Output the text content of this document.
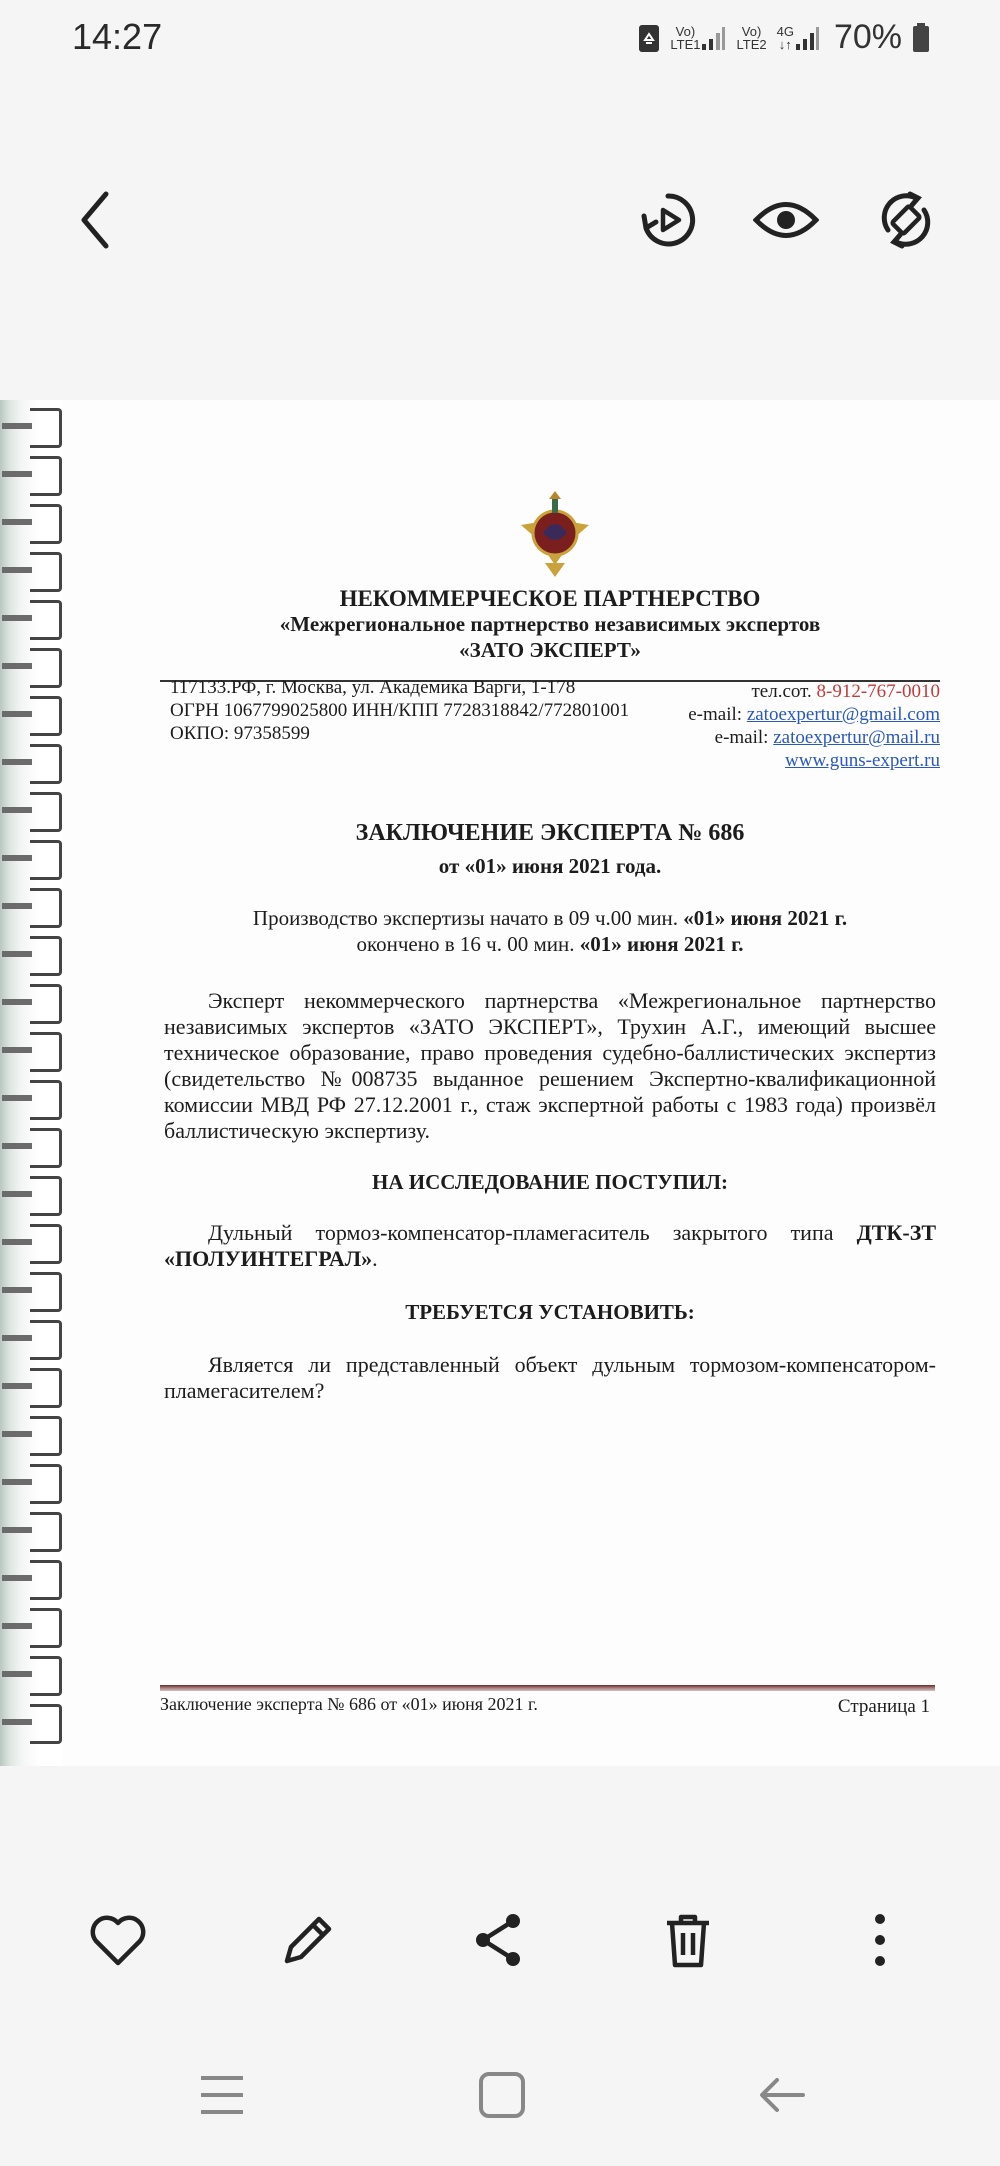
14:27	Vo)
LTE1
Vo)
LTE2
4G
↓↑ 70%
НЕКОММЕРЧЕСКОЕ ПАРТНЕРСТВО
«Межрегиональное партнерство независимых экспертов
«ЗАТО ЭКСПЕРТ»
117133.РФ, г. Москва, ул. Академика Варги, 1-178
ОГРН 1067799025800 ИНН/КПП 7728318842/772801001
ОКПО: 97358599
тел.сот. 8-912-767-0010
e-mail: zatoexpertur@gmail.com
e-mail: zatoexpertur@mail.ru
www.guns-expert.ru
ЗАКЛЮЧЕНИЕ ЭКСПЕРТА № 686
от «01» июня 2021 года.
Производство экспертизы начато в 09 ч.00 мин. «01» июня 2021 г.
окончено в 16 ч. 00 мин. «01» июня 2021 г.
Эксперт некоммерческого партнерства «Межрегиональное партнерство независимых экспертов «ЗАТО ЭКСПЕРТ», Трухин А.Г., имеющий высшее техническое образование, право проведения судебно-баллистических экспертиз (свидетельство №008735 выданное решением Экспертно-квалификационной комиссии МВД РФ 27.12.2001 г., стаж экспертной работы с 1983 года) произвёл баллистическую экспертизу.
НА ИССЛЕДОВАНИЕ ПОСТУПИЛ:
Дульный тормоз-компенсатор-пламегаситель закрытого типа ДТК-ЗТ «ПОЛУИНТЕГРАЛ».
ТРЕБУЕТСЯ УСТАНОВИТЬ:
Является ли представленный объект дульным тормозом-компенсатором-пламегасителем?
Заключение эксперта № 686 от «01» июня 2021 г.	Страница 1
